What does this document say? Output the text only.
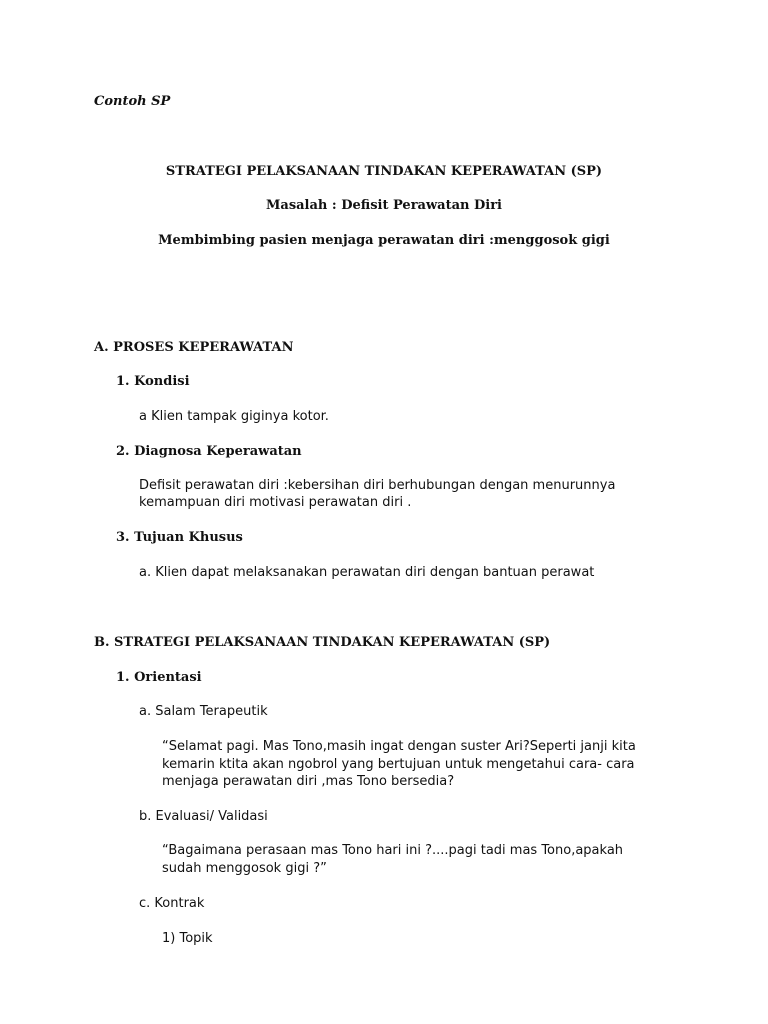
Contoh SP
STRATEGI PELAKSANAAN TINDAKAN KEPERAWATAN (SP)
Masalah : Defisit Perawatan Diri
Membimbing pasien menjaga perawatan diri :menggosok gigi
A. PROSES KEPERAWATAN
1. Kondisi
a Klien tampak giginya kotor.
2. Diagnosa Keperawatan
Defisit perawatan diri :kebersihan diri berhubungan dengan menurunnya
kemampuan diri motivasi perawatan diri .
3. Tujuan Khusus
a. Klien dapat melaksanakan perawatan diri dengan bantuan perawat
B. STRATEGI PELAKSANAAN TINDAKAN KEPERAWATAN (SP)
1. Orientasi
a. Salam Terapeutik
“Selamat pagi. Mas Tono,masih ingat dengan suster Ari?Seperti janji kita
kemarin ktita akan ngobrol yang bertujuan untuk mengetahui cara- cara
menjaga perawatan diri ,mas Tono bersedia?
b. Evaluasi/ Validasi
“Bagaimana perasaan mas Tono hari ini ?....pagi tadi mas Tono,apakah
sudah menggosok gigi ?”
c. Kontrak
1) Topik
